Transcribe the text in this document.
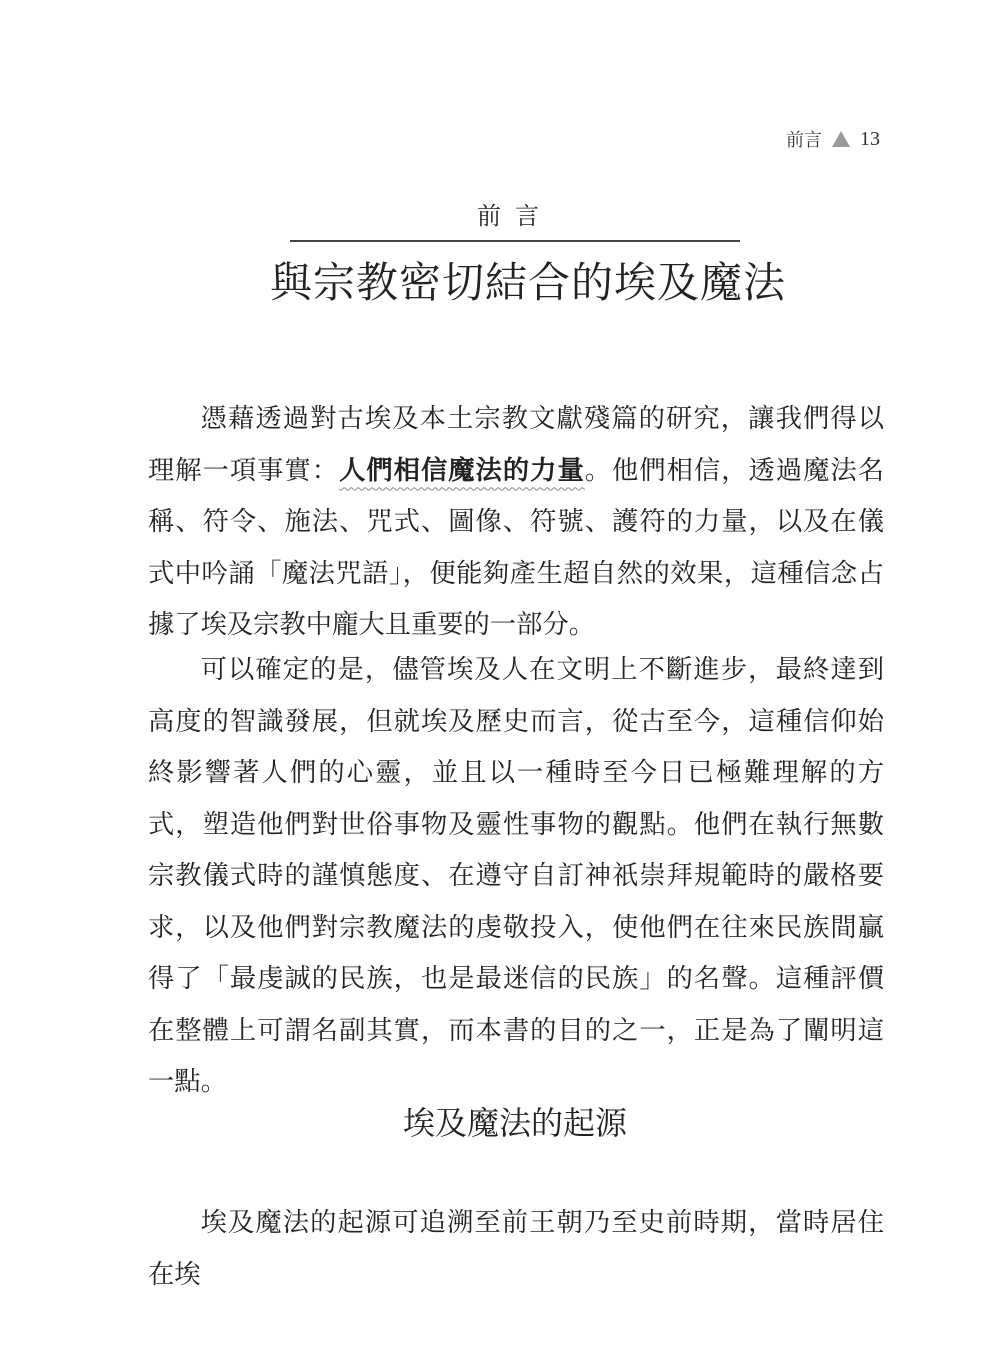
前言 13
前言
與宗教密切結合的埃及魔法

憑藉透過對古埃及本土宗教文獻殘篇的研究，讓我們得以理解一項事實：人們相信魔法的力量。他們相信，透過魔法名稱、符令、施法、咒式、圖像、符號、護符的力量，以及在儀式中吟誦「魔法咒語」，便能夠產生超自然的效果，這種信念占據了埃及宗教中龐大且重要的一部分。

可以確定的是，儘管埃及人在文明上不斷進步，最終達到高度的智識發展，但就埃及歷史而言，從古至今，這種信仰始終影響著人們的心靈，並且以一種時至今日已極難理解的方式，塑造他們對世俗事物及靈性事物的觀點。他們在執行無數宗教儀式時的謹慎態度、在遵守自訂神祇崇拜規範時的嚴格要求，以及他們對宗教魔法的虔敬投入，使他們在往來民族間贏得了「最虔誠的民族，也是最迷信的民族」的名聲。這種評價在整體上可謂名副其實，而本書的目的之一，正是為了闡明這一點。

埃及魔法的起源

埃及魔法的起源可追溯至前王朝乃至史前時期，當時居住在埃
